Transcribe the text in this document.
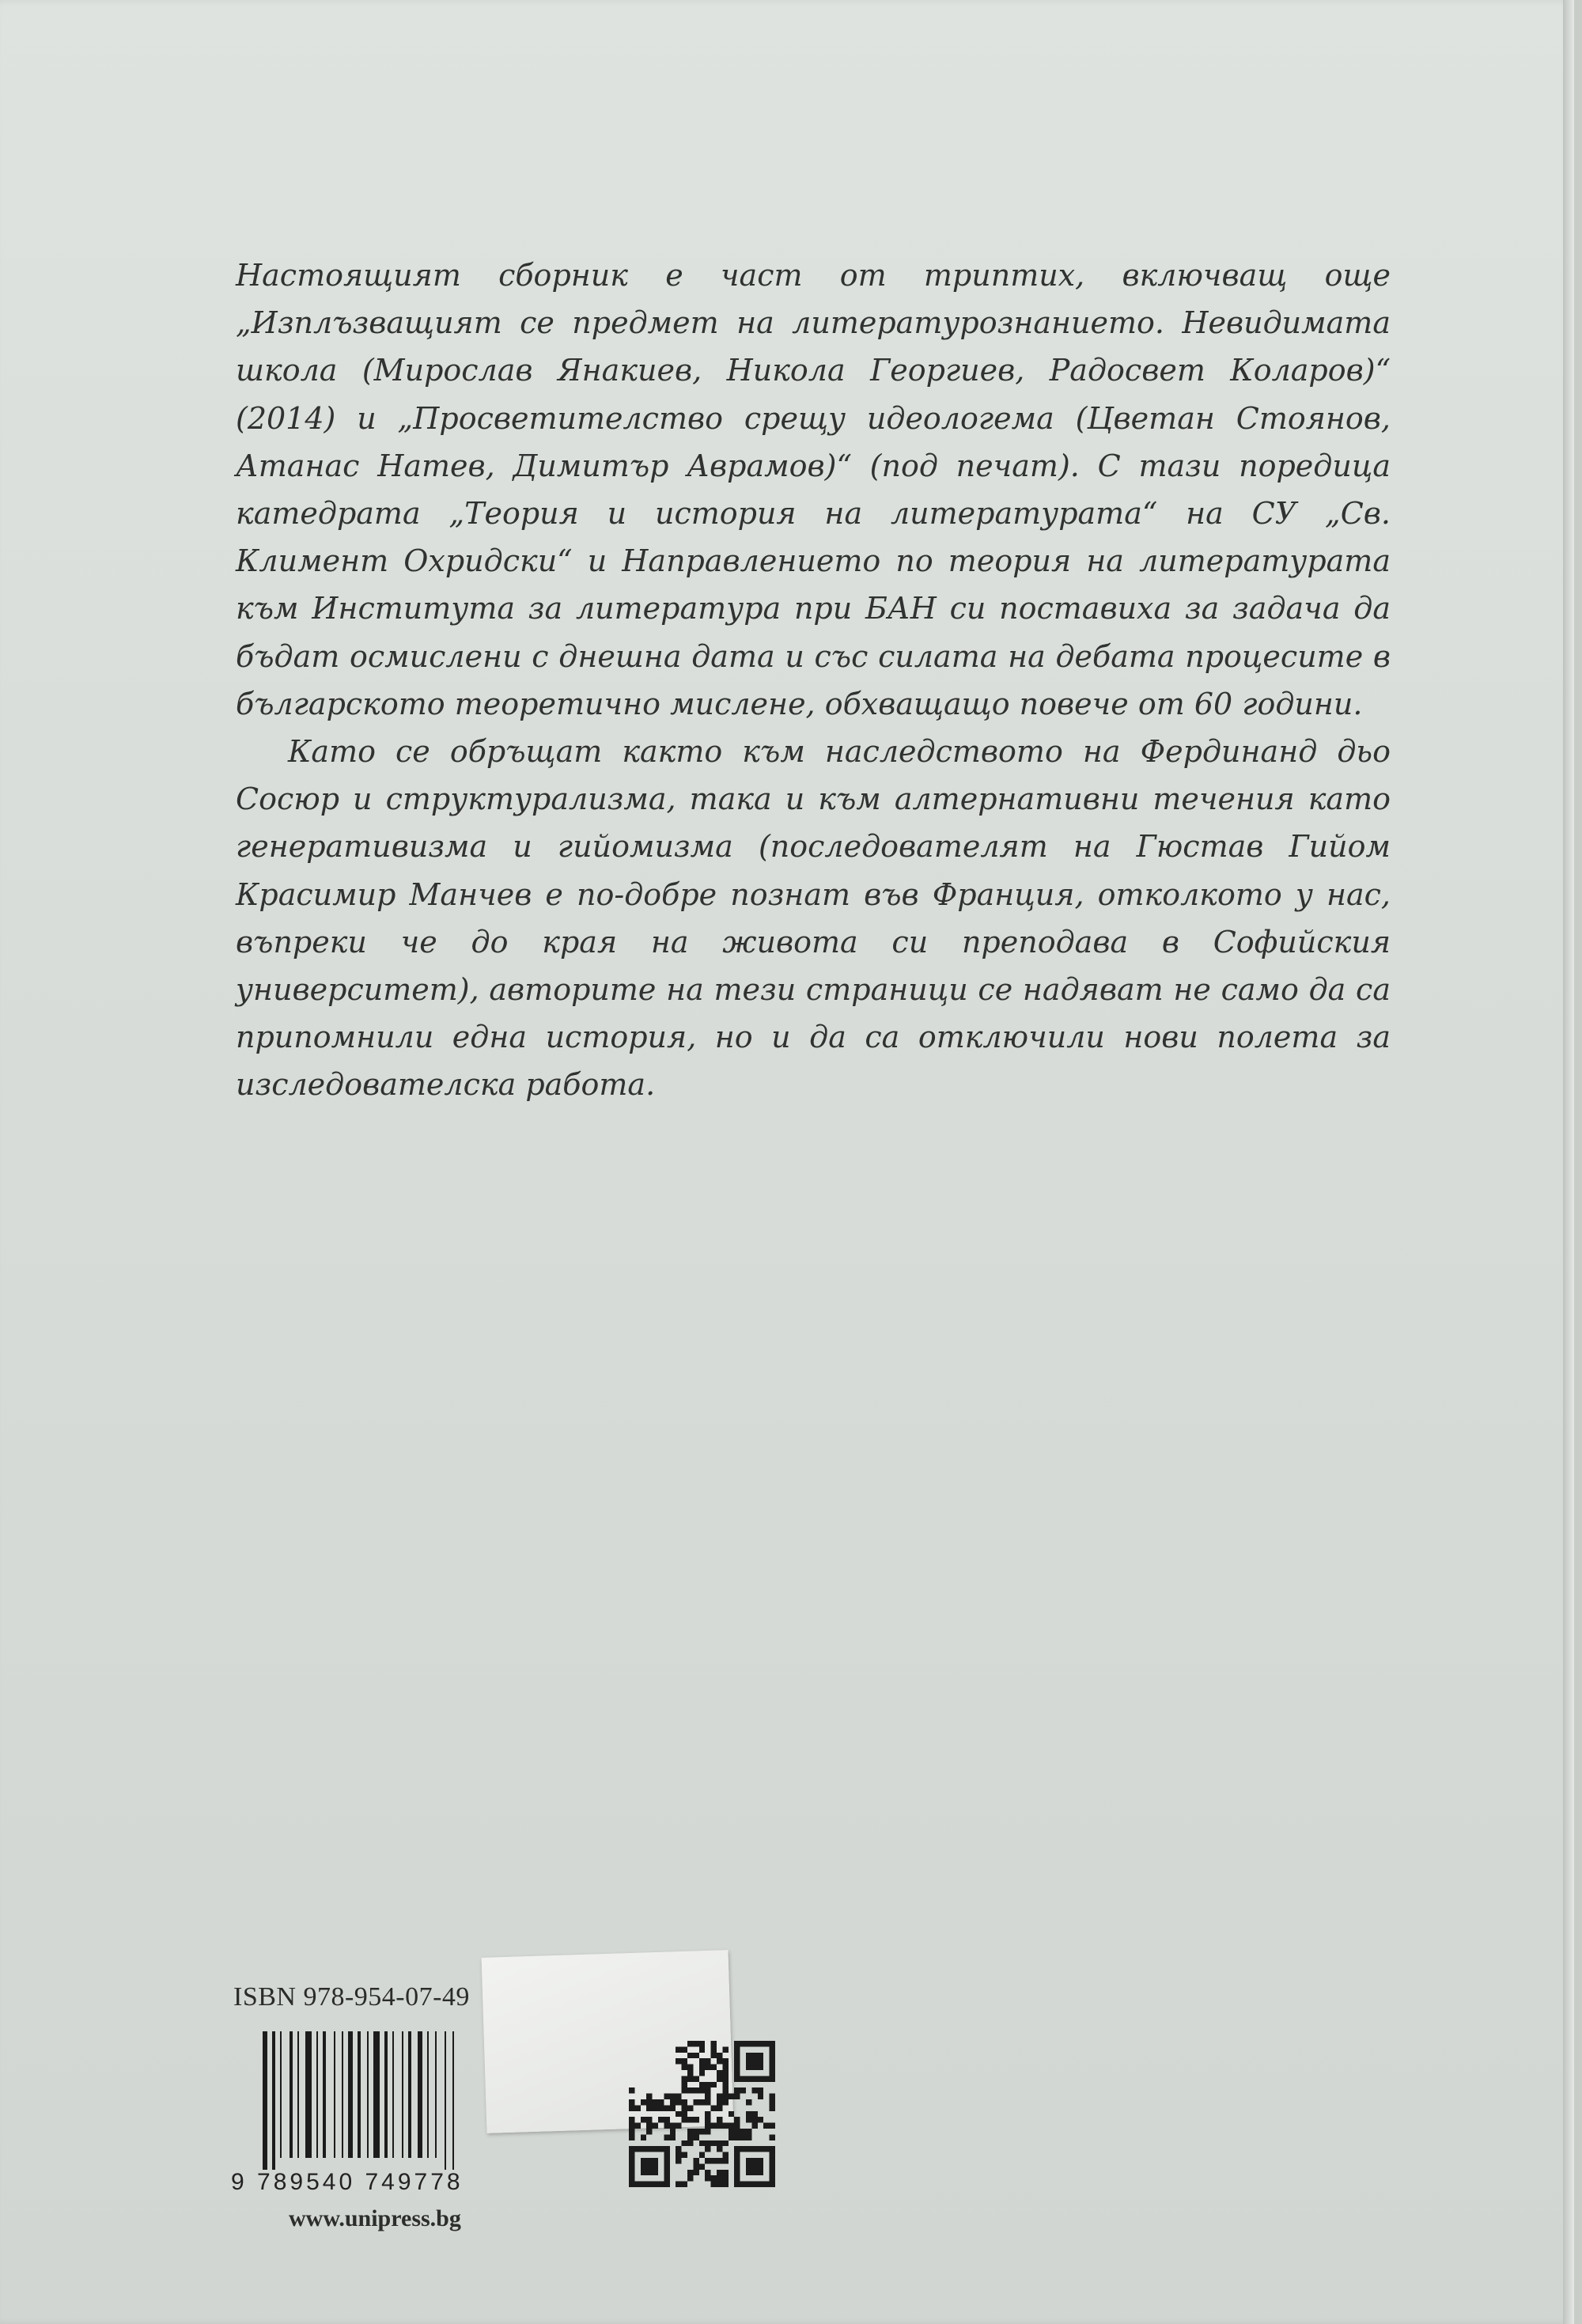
Настоящият сборник е част от триптих, включващ още „Изплъзващият се предмет на литературознанието. Невидимата школа (Мирослав Янакиев, Никола Георгиев, Радосвет Коларов)“ (2014) и „Просветителство срещу идеологема (Цветан Стоянов, Атанас Натев, Димитър Аврамов)“ (под печат). С тази поредица катедрата „Теория и история на литературата“ на СУ „Св. Климент Охридски“ и Направлението по теория на литературата към Института за литература при БАН си поставиха за задача да бъдат осмислени с днешна дата и със силата на дебата процесите в българското теоретично мислене, обхващащо повече от 60 години.

Като се обръщат както към наследството на Фердинанд дьо Сосюр и структурализма, така и към алтернативни течения като генеративизма и гийомизма (последователят на Гюстав Гийом Красимир Манчев е по-добре познат във Франция, отколкото у нас, въпреки че до края на живота си преподава в Софийския университет), авторите на тези страници се надяват не само да са припомнили една история, но и да са отключили нови полета за изследователска работа.

ISBN 978-954-07-49
9 789540 749778
www.unipress.bg
